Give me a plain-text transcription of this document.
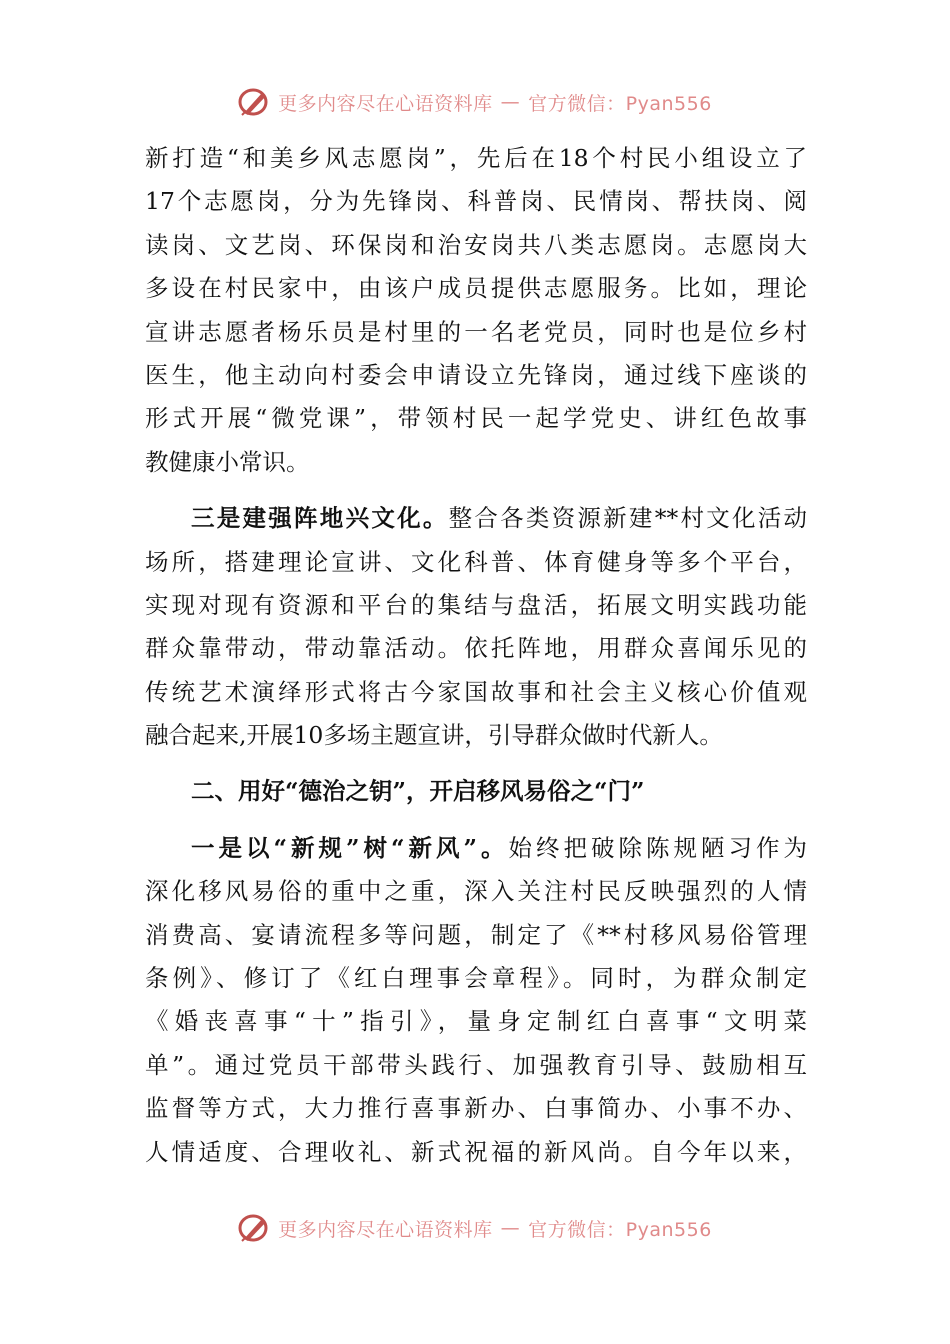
更多内容尽在心语资料库 — 官方微信：Pyan556
新打造“和美乡风志愿岗”，先后在18个村民小组设立了
17个志愿岗，分为先锋岗、科普岗、民情岗、帮扶岗、阅
读岗、文艺岗、环保岗和治安岗共八类志愿岗。志愿岗大
多设在村民家中，由该户成员提供志愿服务。比如，理论
宣讲志愿者杨乐员是村里的一名老党员，同时也是位乡村
医生，他主动向村委会申请设立先锋岗，通过线下座谈的
形式开展“微党课”，带领村民一起学党史、讲红色故事
教健康小常识。
三是建强阵地兴文化。整合各类资源新建**村文化活动
场所，搭建理论宣讲、文化科普、体育健身等多个平台，
实现对现有资源和平台的集结与盘活，拓展文明实践功能
群众靠带动，带动靠活动。依托阵地，用群众喜闻乐见的
传统艺术演绎形式将古今家国故事和社会主义核心价值观
融合起来,开展10多场主题宣讲，引导群众做时代新人。
二、用好“德治之钥”，开启移风易俗之“门”
一是以“新规”树“新风”。始终把破除陈规陋习作为
深化移风易俗的重中之重，深入关注村民反映强烈的人情
消费高、宴请流程多等问题，制定了《**村移风易俗管理
条例》、修订了《红白理事会章程》。同时，为群众制定
《婚丧喜事“十”指引》，量身定制红白喜事“文明菜
单”。通过党员干部带头践行、加强教育引导、鼓励相互
监督等方式，大力推行喜事新办、白事简办、小事不办、
人情适度、合理收礼、新式祝福的新风尚。自今年以来，
更多内容尽在心语资料库 — 官方微信：Pyan556
